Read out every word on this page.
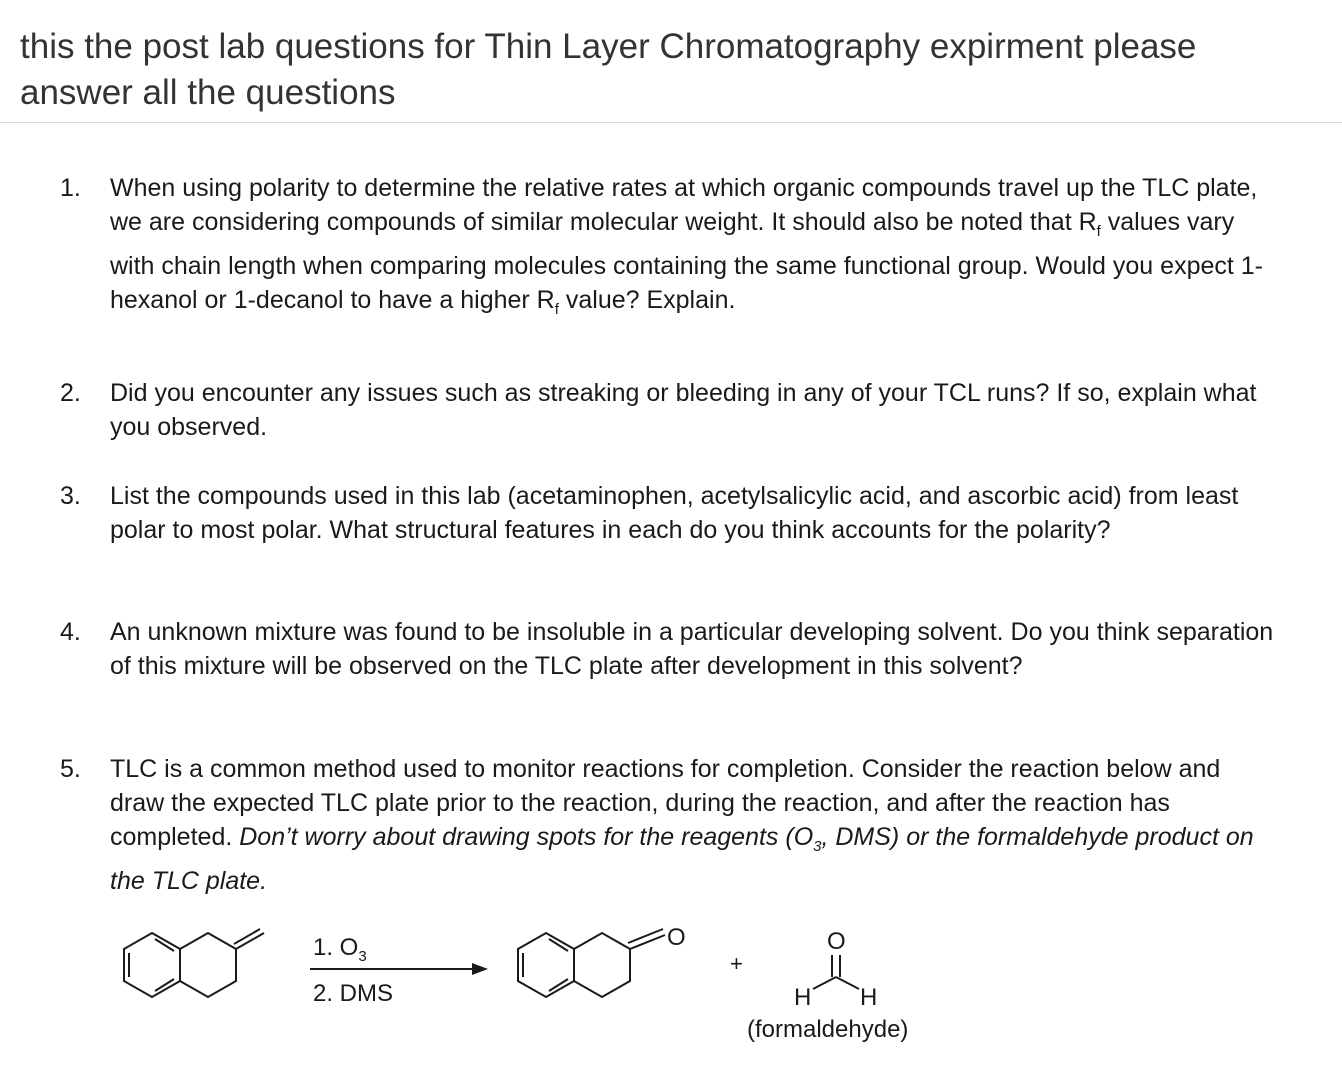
this the post lab questions for Thin Layer Chromatography expirment please answer all the questions
1.	When using polarity to determine the relative rates at which organic compounds travel up the TLC plate, we are considering compounds of similar molecular weight. It should also be noted that $R_f$ values vary with chain length when comparing molecules containing the same functional group. Would you expect 1-hexanol or 1-decanol to have a higher $R_f$ value? Explain.
2.	Did you encounter any issues such as streaking or bleeding in any of your TCL runs? If so, explain what you observed.
3.	List the compounds used in this lab (acetaminophen, acetylsalicylic acid, and ascorbic acid) from least polar to most polar. What structural features in each do you think accounts for the polarity?
4.	An unknown mixture was found to be insoluble in a particular developing solvent. Do you think separation of this mixture will be observed on the TLC plate after development in this solvent?
5.	TLC is a common method used to monitor reactions for completion. Consider the reaction below and draw the expected TLC plate prior to the reaction, during the reaction, and after the reaction has completed. Don’t worry about drawing spots for the reagents ($O_3$, DMS) or the formaldehyde product on the TLC plate.
1. $O_3$
2. DMS
O
+
O
H H
(formaldehyde)
